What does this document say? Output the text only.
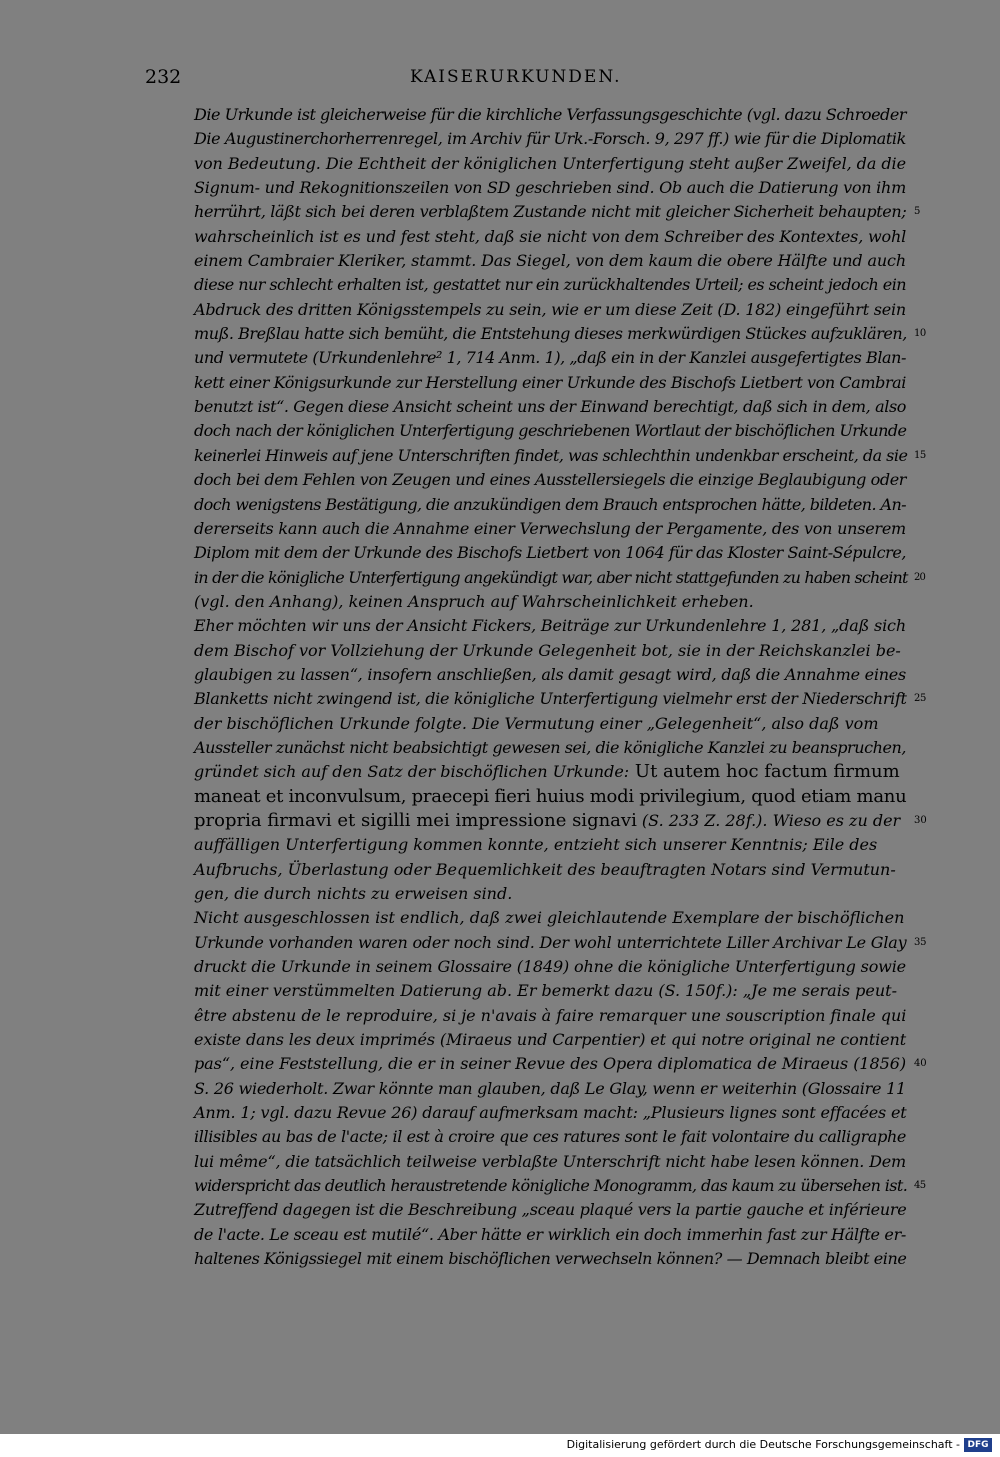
232	KAISERURKUNDEN.
Die Urkunde ist gleicherweise für die kirchliche Verfassungsgeschichte (vgl. dazu Schroeder
Die Augustinerchorherrenregel, im Archiv für Urk.-Forsch. 9, 297 ff.) wie für die Diplomatik
von Bedeutung. Die Echtheit der königlichen Unterfertigung steht außer Zweifel, da die
Signum- und Rekognitionszeilen von SD geschrieben sind. Ob auch die Datierung von ihm
herrührt, läßt sich bei deren verblaßtem Zustande nicht mit gleicher Sicherheit behaupten; 5
wahrscheinlich ist es und fest steht, daß sie nicht von dem Schreiber des Kontextes, wohl
einem Cambraier Kleriker, stammt. Das Siegel, von dem kaum die obere Hälfte und auch
diese nur schlecht erhalten ist, gestattet nur ein zurückhaltendes Urteil; es scheint jedoch ein
Abdruck des dritten Königsstempels zu sein, wie er um diese Zeit (D. 182) eingeführt sein
muß. Breßlau hatte sich bemüht, die Entstehung dieses merkwürdigen Stückes aufzuklären, 10
und vermutete (Urkundenlehre² 1, 714 Anm. 1), „daß ein in der Kanzlei ausgefertigtes Blan-
kett einer Königsurkunde zur Herstellung einer Urkunde des Bischofs Lietbert von Cambrai
benutzt ist“. Gegen diese Ansicht scheint uns der Einwand berechtigt, daß sich in dem, also
doch nach der königlichen Unterfertigung geschriebenen Wortlaut der bischöflichen Urkunde
keinerlei Hinweis auf jene Unterschriften findet, was schlechthin undenkbar erscheint, da sie 15
doch bei dem Fehlen von Zeugen und eines Ausstellersiegels die einzige Beglaubigung oder
doch wenigstens Bestätigung, die anzukündigen dem Brauch entsprochen hätte, bildeten. An-
dererseits kann auch die Annahme einer Verwechslung der Pergamente, des von unserem
Diplom mit dem der Urkunde des Bischofs Lietbert von 1064 für das Kloster Saint-Sépulcre,
in der die königliche Unterfertigung angekündigt war, aber nicht stattgefunden zu haben scheint 20
(vgl. den Anhang), keinen Anspruch auf Wahrscheinlichkeit erheben.
Eher möchten wir uns der Ansicht Fickers, Beiträge zur Urkundenlehre 1, 281, „daß sich
dem Bischof vor Vollziehung der Urkunde Gelegenheit bot, sie in der Reichskanzlei be-
glaubigen zu lassen“, insofern anschließen, als damit gesagt wird, daß die Annahme eines
Blanketts nicht zwingend ist, die königliche Unterfertigung vielmehr erst der Niederschrift 25
der bischöflichen Urkunde folgte. Die Vermutung einer „Gelegenheit“, also daß vom
Aussteller zunächst nicht beabsichtigt gewesen sei, die königliche Kanzlei zu beanspruchen,
gründet sich auf den Satz der bischöflichen Urkunde: Ut autem hoc factum firmum
maneat et inconvulsum, praecepi fieri huius modi privilegium, quod etiam manu
propria firmavi et sigilli mei impressione signavi (S. 233 Z. 28f.). Wieso es zu der 30
auffälligen Unterfertigung kommen konnte, entzieht sich unserer Kenntnis; Eile des
Aufbruchs, Überlastung oder Bequemlichkeit des beauftragten Notars sind Vermutun-
gen, die durch nichts zu erweisen sind.
Nicht ausgeschlossen ist endlich, daß zwei gleichlautende Exemplare der bischöflichen
Urkunde vorhanden waren oder noch sind. Der wohl unterrichtete Liller Archivar Le Glay 35
druckt die Urkunde in seinem Glossaire (1849) ohne die königliche Unterfertigung sowie
mit einer verstümmelten Datierung ab. Er bemerkt dazu (S. 150f.): „Je me serais peut-
être abstenu de le reproduire, si je n'avais à faire remarquer une souscription finale qui
existe dans les deux imprimés (Miraeus und Carpentier) et qui notre original ne contient
pas“, eine Feststellung, die er in seiner Revue des Opera diplomatica de Miraeus (1856) 40
S. 26 wiederholt. Zwar könnte man glauben, daß Le Glay, wenn er weiterhin (Glossaire 11
Anm. 1; vgl. dazu Revue 26) darauf aufmerksam macht: „Plusieurs lignes sont effacées et
illisibles au bas de l'acte; il est à croire que ces ratures sont le fait volontaire du calligraphe
lui même“, die tatsächlich teilweise verblaßte Unterschrift nicht habe lesen können. Dem
widerspricht das deutlich heraustretende königliche Monogramm, das kaum zu übersehen ist. 45
Zutreffend dagegen ist die Beschreibung „sceau plaqué vers la partie gauche et inférieure
de l'acte. Le sceau est mutilé“. Aber hätte er wirklich ein doch immerhin fast zur Hälfte er-
haltenes Königssiegel mit einem bischöflichen verwechseln können? — Demnach bleibt eine
Digitalisierung gefördert durch die Deutsche Forschungsgemeinschaft - DFG
